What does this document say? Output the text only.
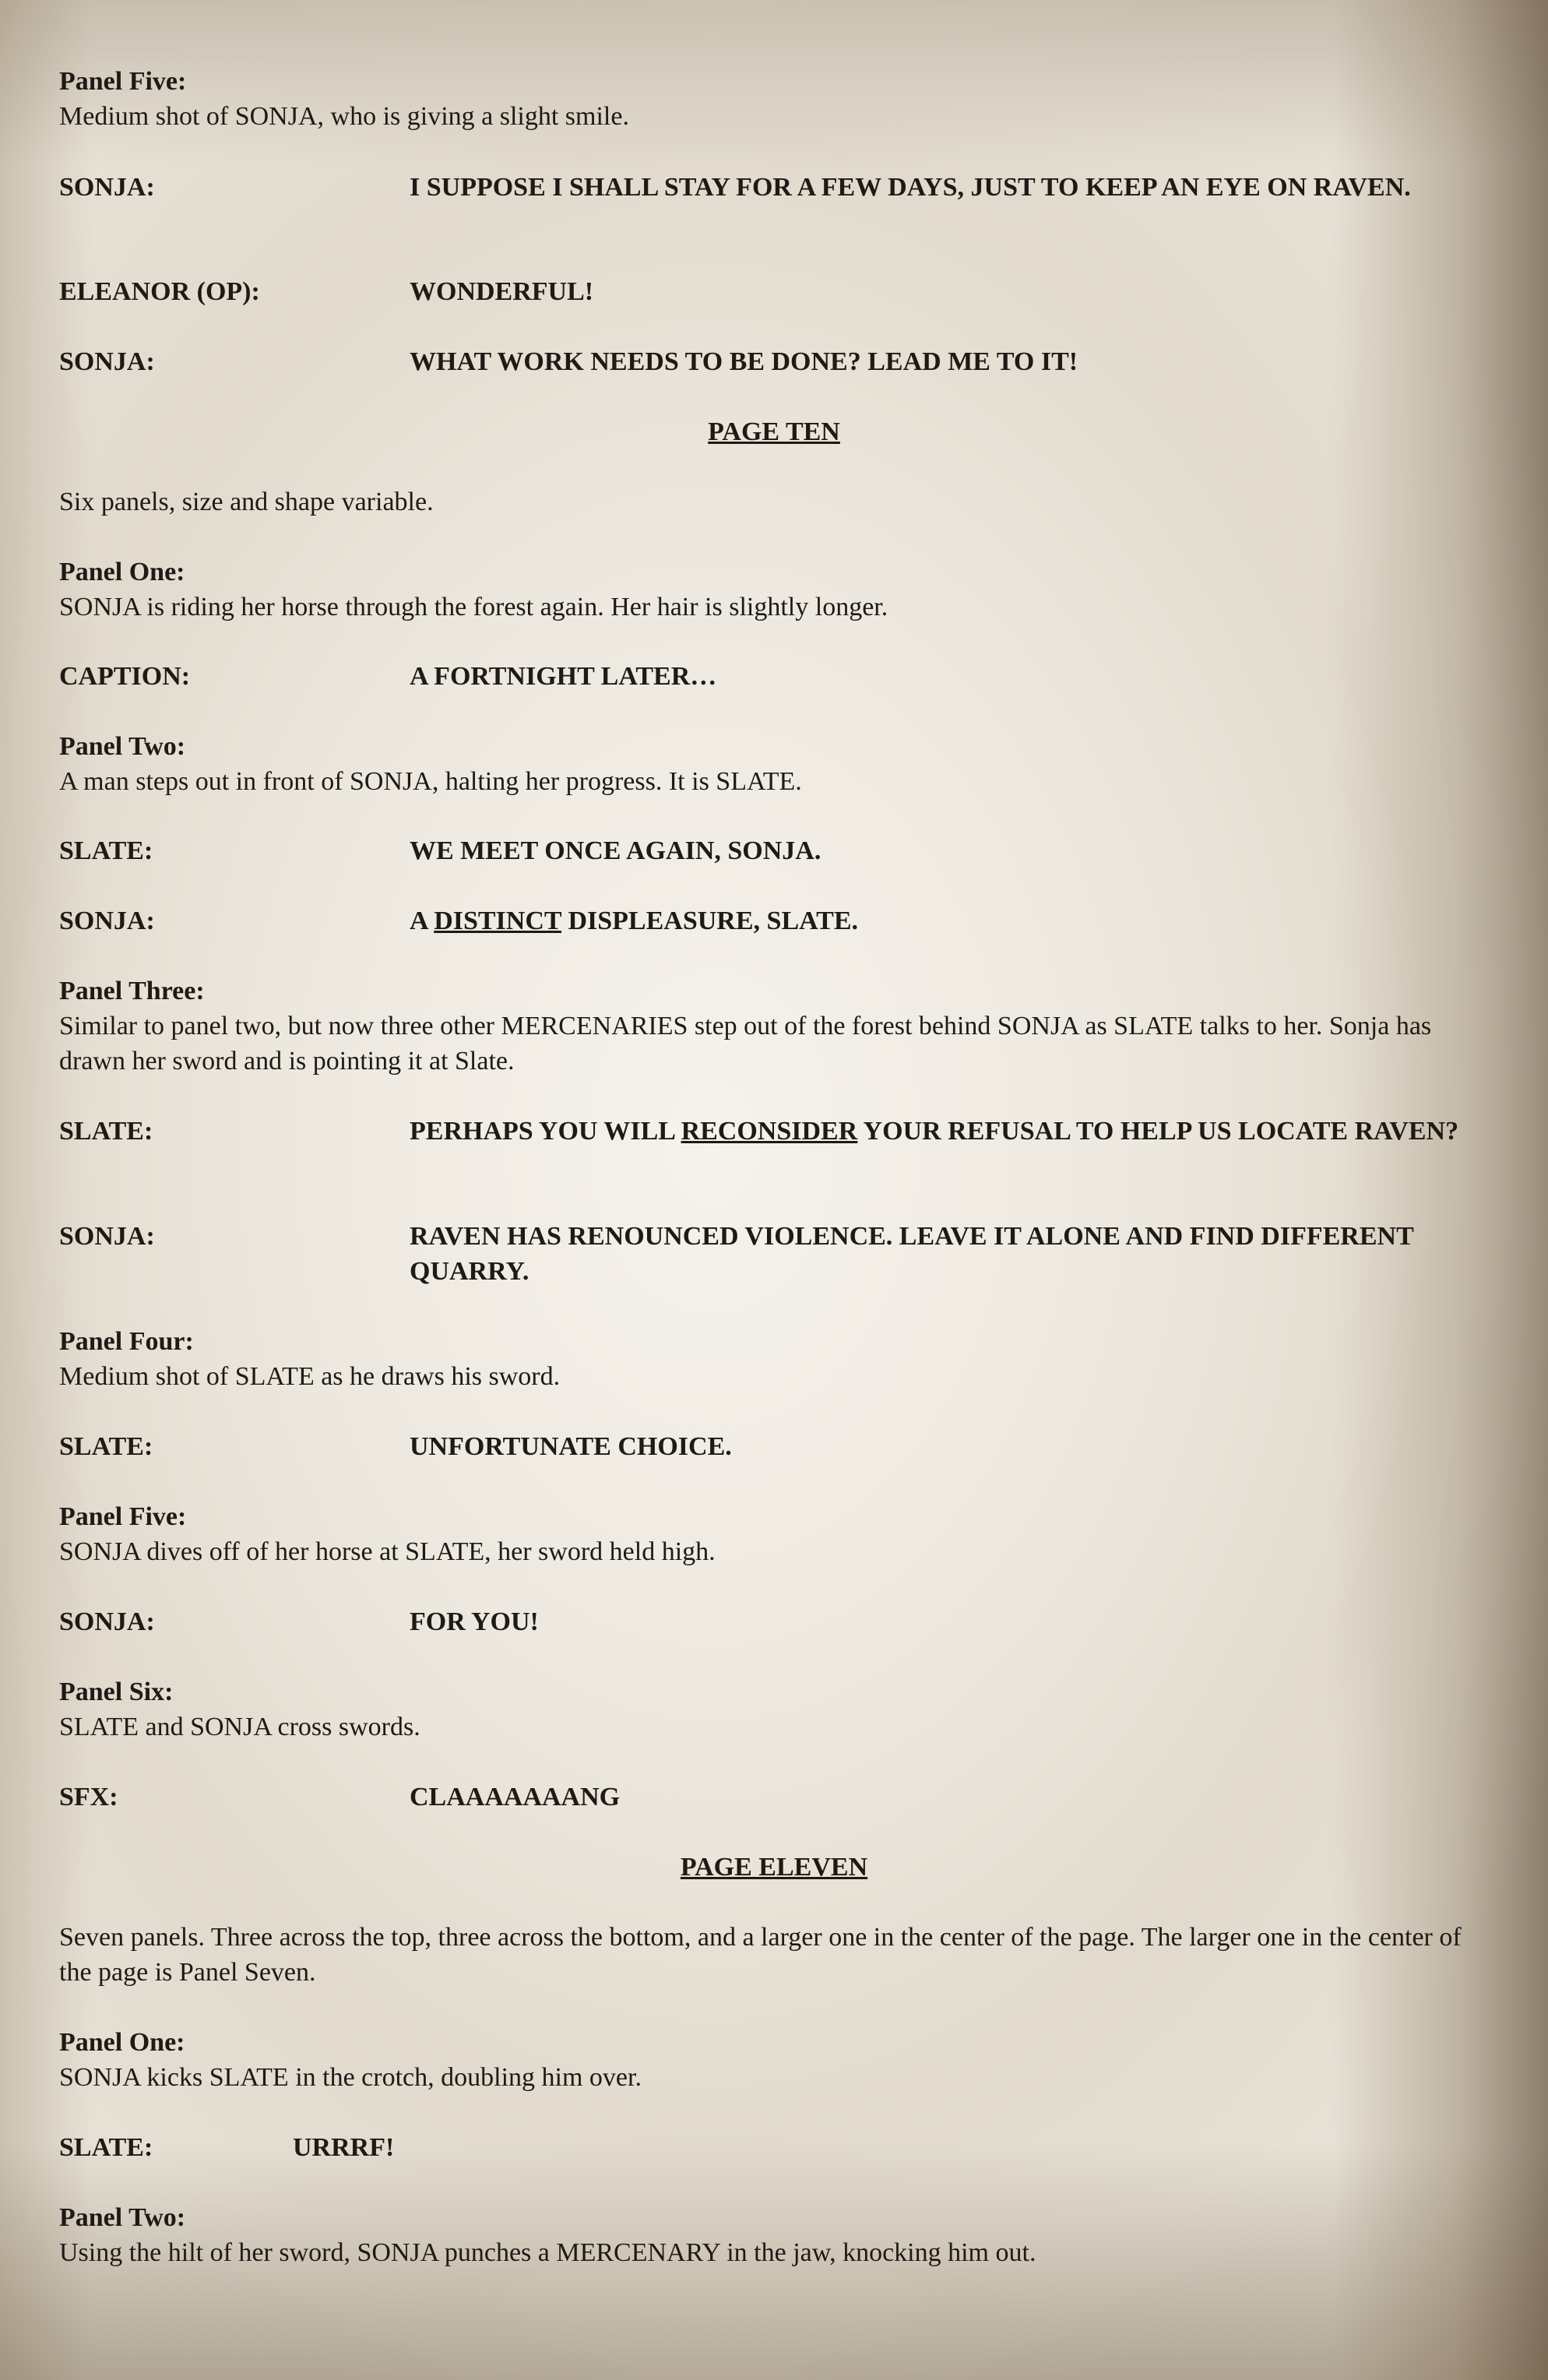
Panel Five:
Medium shot of SONJA, who is giving a slight smile.
SONJA:	I SUPPOSE I SHALL STAY FOR A FEW DAYS, JUST TO KEEP AN EYE ON RAVEN.
ELEANOR (OP):	WONDERFUL!
SONJA:	WHAT WORK NEEDS TO BE DONE? LEAD ME TO IT!
PAGE TEN
Six panels, size and shape variable.
Panel One:
SONJA is riding her horse through the forest again. Her hair is slightly longer.
CAPTION:	A FORTNIGHT LATER…
Panel Two:
A man steps out in front of SONJA, halting her progress. It is SLATE.
SLATE:	WE MEET ONCE AGAIN, SONJA.
SONJA:	A DISTINCT DISPLEASURE, SLATE.
Panel Three:
Similar to panel two, but now three other MERCENARIES step out of the forest behind SONJA as SLATE talks to her. Sonja has drawn her sword and is pointing it at Slate.
SLATE:	PERHAPS YOU WILL RECONSIDER YOUR REFUSAL TO HELP US LOCATE RAVEN?
SONJA:	RAVEN HAS RENOUNCED VIOLENCE. LEAVE IT ALONE AND FIND DIFFERENT QUARRY.
Panel Four:
Medium shot of SLATE as he draws his sword.
SLATE:	UNFORTUNATE CHOICE.
Panel Five:
SONJA dives off of her horse at SLATE, her sword held high.
SONJA:	FOR YOU!
Panel Six:
SLATE and SONJA cross swords.
SFX:	CLAAAAAAANG
PAGE ELEVEN
Seven panels. Three across the top, three across the bottom, and a larger one in the center of the page. The larger one in the center of the page is Panel Seven.
Panel One:
SONJA kicks SLATE in the crotch, doubling him over.
SLATE:	URRRF!
Panel Two:
Using the hilt of her sword, SONJA punches a MERCENARY in the jaw, knocking him out.
